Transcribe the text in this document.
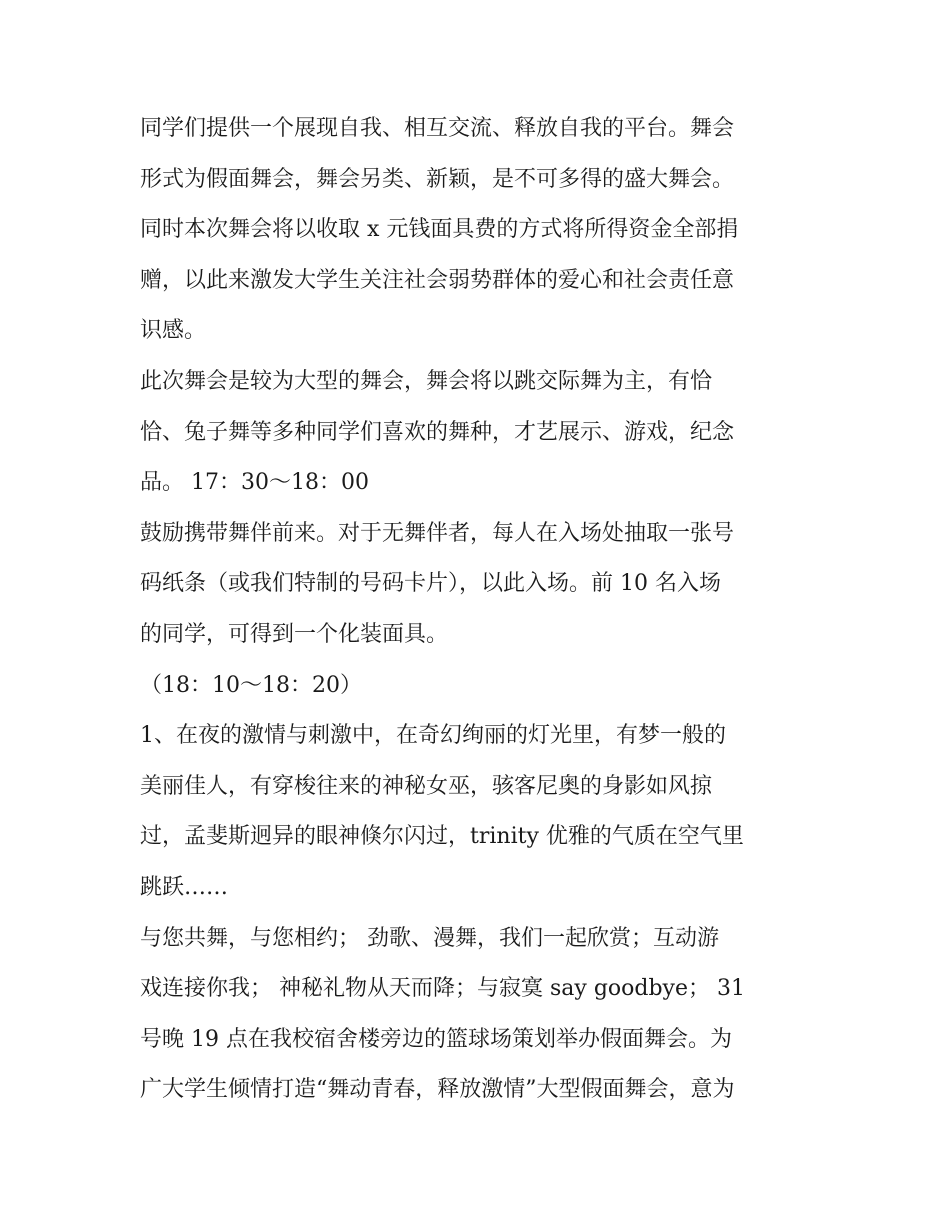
同学们提供一个展现自我、相互交流、释放自我的平台。舞会
形式为假面舞会，舞会另类、新颖，是不可多得的盛大舞会。
同时本次舞会将以收取 x 元钱面具费的方式将所得资金全部捐
赠，以此来激发大学生关注社会弱势群体的爱心和社会责任意
识感。
此次舞会是较为大型的舞会，舞会将以跳交际舞为主，有恰
恰、兔子舞等多种同学们喜欢的舞种，才艺展示、游戏，纪念
品。 17：30～18：00
鼓励携带舞伴前来。对于无舞伴者，每人在入场处抽取一张号
码纸条（或我们特制的号码卡片），以此入场。前 10 名入场
的同学，可得到一个化装面具。
（18：10～18：20）
1、在夜的激情与刺激中，在奇幻绚丽的灯光里，有梦一般的
美丽佳人，有穿梭往来的神秘女巫，骇客尼奥的身影如风掠
过，孟斐斯迥异的眼神倏尔闪过，trinity 优雅的气质在空气里
跳跃……
与您共舞，与您相约； 劲歌、漫舞，我们一起欣赏；互动游
戏连接你我； 神秘礼物从天而降；与寂寞 say goodbye； 31
号晚 19 点在我校宿舍楼旁边的篮球场策划举办假面舞会。为
广大学生倾情打造“舞动青春，释放激情”大型假面舞会，意为
